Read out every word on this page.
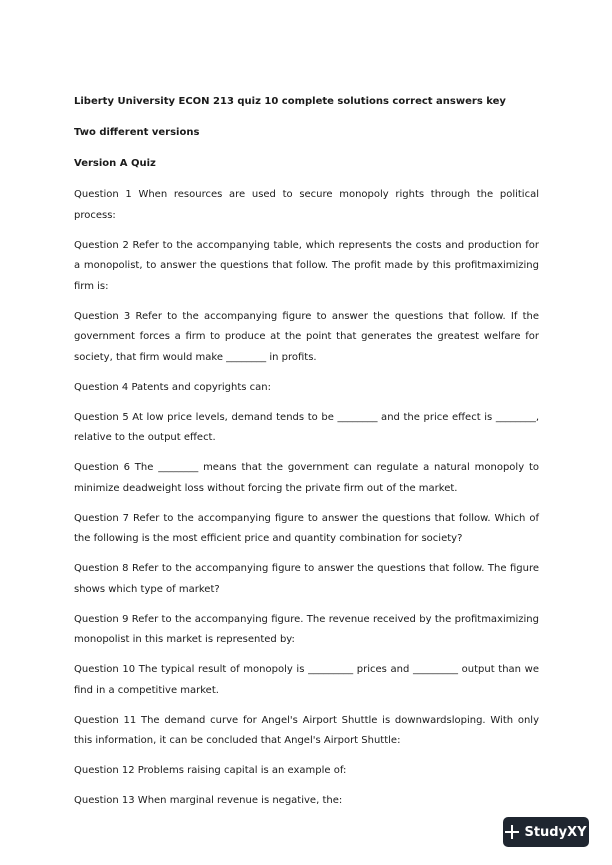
Liberty University ECON 213 quiz 10 complete solutions correct answers key

Two different versions

Version A Quiz

Question 1 When resources are used to secure monopoly rights through the political process:

Question 2 Refer to the accompanying table, which represents the costs and production for a monopolist, to answer the questions that follow. The profit made by this profitmaximizing firm is:

Question 3 Refer to the accompanying figure to answer the questions that follow. If the government forces a firm to produce at the point that generates the greatest welfare for society, that firm would make ________ in profits.

Question 4 Patents and copyrights can:

Question 5 At low price levels, demand tends to be ________ and the price effect is ________, relative to the output effect.

Question 6 The ________ means that the government can regulate a natural monopoly to minimize deadweight loss without forcing the private firm out of the market.

Question 7 Refer to the accompanying figure to answer the questions that follow. Which of the following is the most efficient price and quantity combination for society?

Question 8 Refer to the accompanying figure to answer the questions that follow. The figure shows which type of market?

Question 9 Refer to the accompanying figure. The revenue received by the profitmaximizing monopolist in this market is represented by:

Question 10 The typical result of monopoly is _________ prices and _________ output than we find in a competitive market.

Question 11 The demand curve for Angel's Airport Shuttle is downwardsloping. With only this information, it can be concluded that Angel's Airport Shuttle:

Question 12 Problems raising capital is an example of:

Question 13 When marginal revenue is negative, the:

StudyXY
